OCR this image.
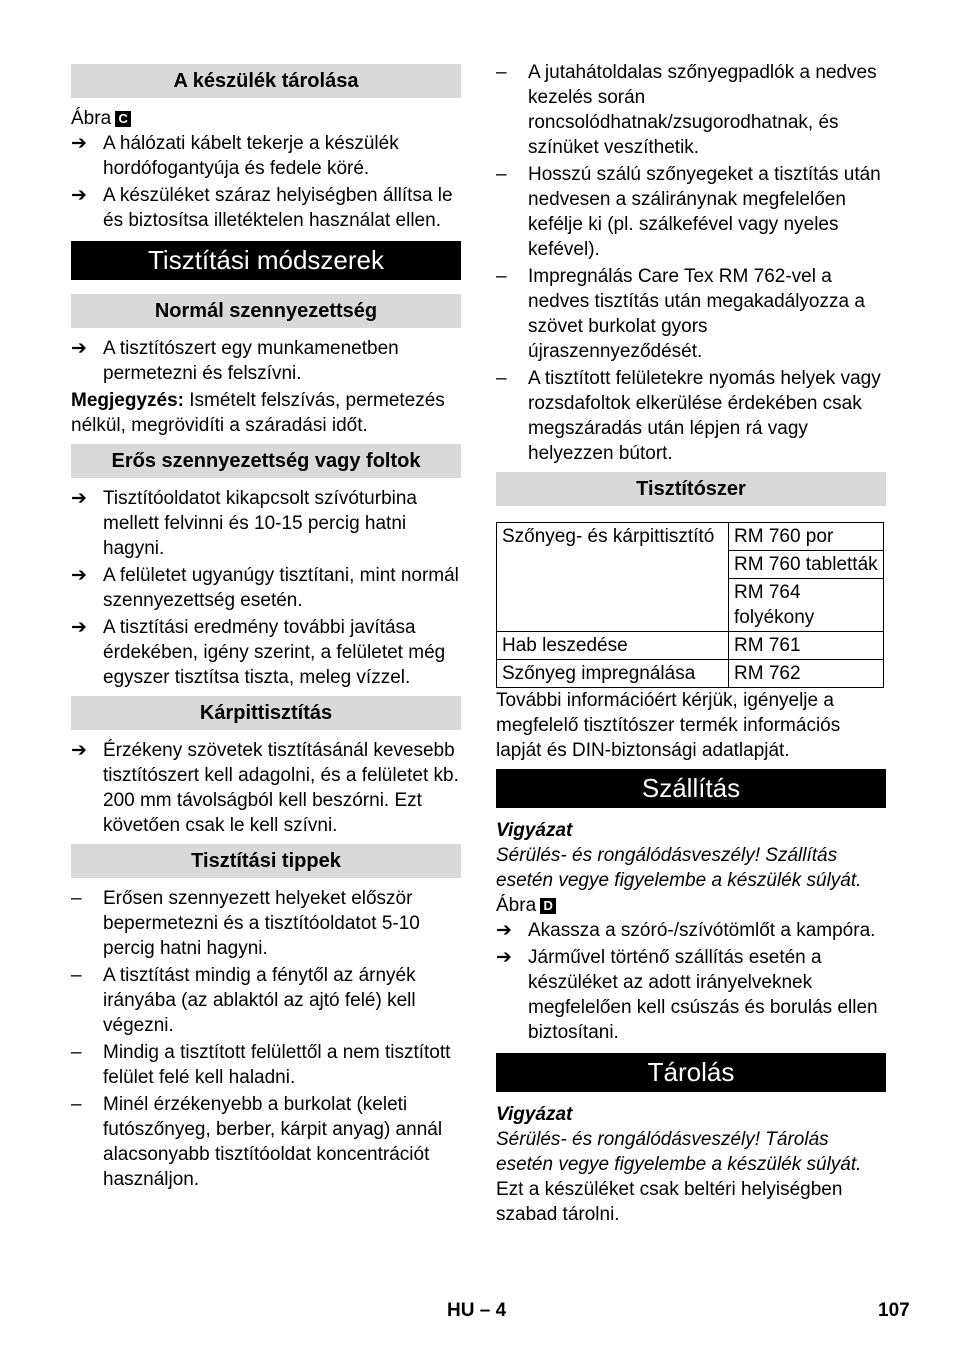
A készülék tárolása
Ábra C
➔ A hálózati kábelt tekerje a készülék hordófogantyúja és fedele köré.
➔ A készüléket száraz helyiségben állítsa le és biztosítsa illetéktelen használat ellen.
Tisztítási módszerek
Normál szennyezettség
➔ A tisztítószert egy munkamenetben permetezni és felszívni.

Megjegyzés: Ismételt felszívás, permetezés nélkül, megrövidíti a száradási időt.

Erős szennyezettség vagy foltok
➔ Tisztítóoldatot kikapcsolt szívóturbina mellett felvinni és 10-15 percig hatni hagyni.
➔ A felületet ugyanúgy tisztítani, mint normál szennyezettség esetén.
➔ A tisztítási eredmény további javítása érdekében, igény szerint, a felületet még egyszer tisztítsa tiszta, meleg vízzel.
Kárpittisztítás
➔ Érzékeny szövetek tisztításánál kevesebb tisztítószert kell adagolni, és a felületet kb. 200 mm távolságból kell beszórni. Ezt követően csak le kell szívni.
Tisztítási tippek
–	Erősen szennyezett helyeket először bepermetezni és a tisztítóoldatot 5-10 percig hatni hagyni.
–	A tisztítást mindig a fénytől az árnyék irányába (az ablaktól az ajtó felé) kell végezni.
–	Mindig a tisztított felülettől a nem tisztított felület felé kell haladni.
–	Minél érzékenyebb a burkolat (keleti futószőnyeg, berber, kárpit anyag) annál alacsonyabb tisztítóoldat koncentrációt használjon.
–	A jutahátoldalas szőnyegpadlók a nedves kezelés során roncsolódhatnak/zsugorodhatnak, és színüket veszíthetik.
–	Hosszú szálú szőnyegeket a tisztítás után nedvesen a száliránynak megfelelően kefélje ki (pl. szálkefével vagy nyeles kefével).
–	Impregnálás Care Tex RM 762-vel a nedves tisztítás után megakadályozza a szövet burkolat gyors újraszennyeződését.
–	A tisztított felületekre nyomás helyek vagy rozsdafoltok elkerülése érdekében csak megszáradás után lépjen rá vagy helyezzen bútort.
Tisztítószer
Szőnyeg- és kárpittisztító	RM 760 por
	RM 760 tabletták
	RM 764 folyékony
Hab leszedése	RM 761
Szőnyeg impregnálása	RM 762

További információért kérjük, igényelje a megfelelő tisztítószer termék információs lapját és DIN-biztonsági adatlapját.

Szállítás

Vigyázat

Sérülés- és rongálódásveszély! Szállítás esetén vegye figyelembe a készülék súlyát.

Ábra D
➔ Akassza a szóró-/szívótömlőt a kampóra.
➔ Járművel történő szállítás esetén a készüléket az adott irányelveknek megfelelően kell csúszás és borulás ellen biztosítani.
Tárolás

Vigyázat

Sérülés- és rongálódásveszély! Tárolás esetén vegye figyelembe a készülék súlyát.

Ezt a készüléket csak beltéri helyiségben szabad tárolni.

HU – 4	107
